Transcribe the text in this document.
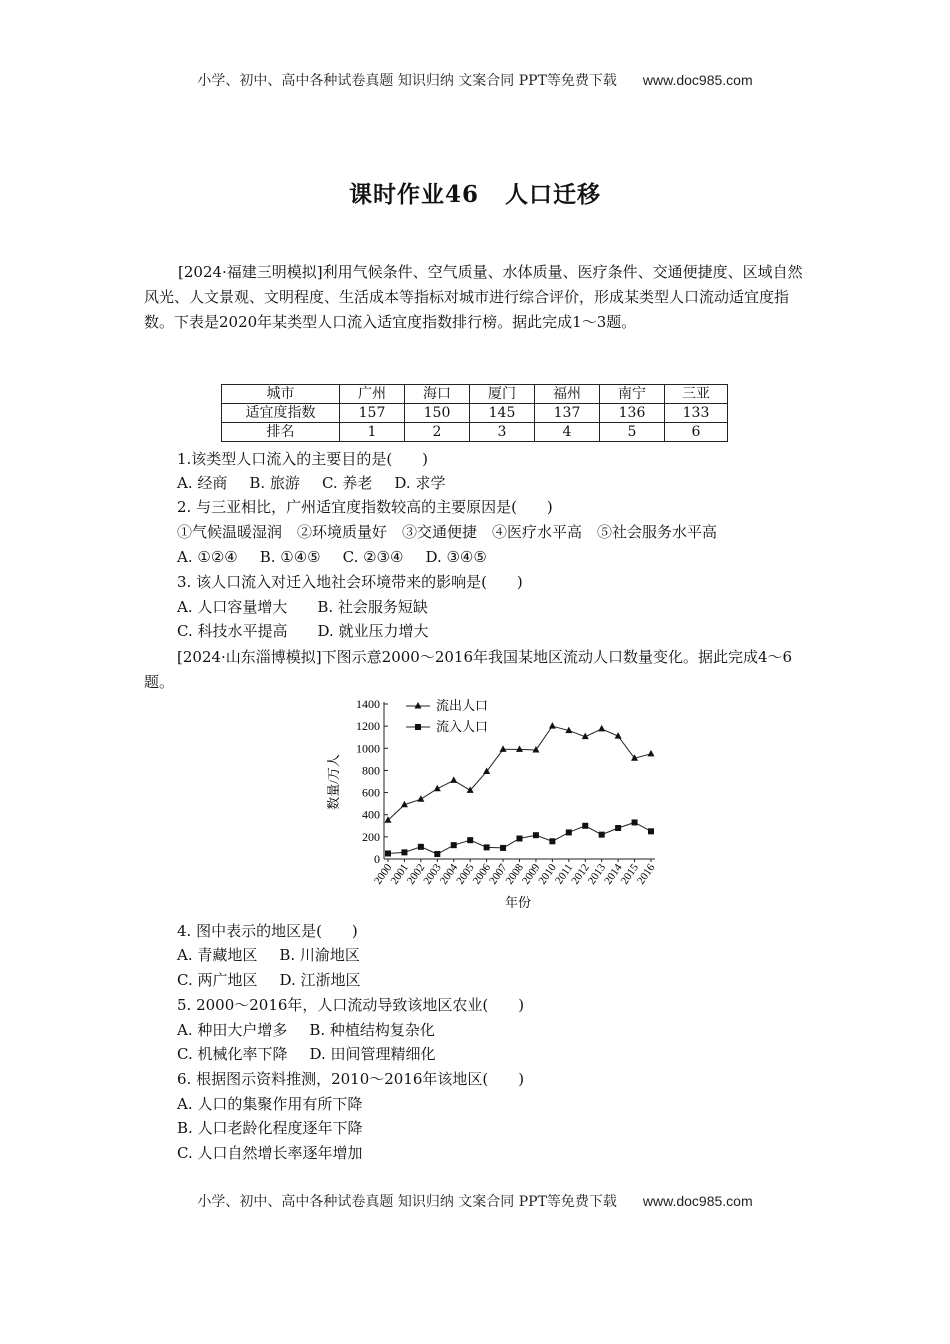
小学、初中、高中各种试卷真题 知识归纳 文案合同 PPT等免费下载 www.doc985.com
课时作业46 人口迁移
[2024·福建三明模拟]利用气候条件、空气质量、水体质量、医疗条件、交通便捷度、区域自然风光、人文景观、文明程度、生活成本等指标对城市进行综合评价，形成某类型人口流动适宜度指数。下表是2020年某类型人口流入适宜度指数排行榜。据此完成1～3题。
城市	广州	海口	厦门	福州	南宁	三亚
适宜度指数	157	150	145	137	136	133
排名	1	2	3	4	5	6
1.该类型人口流入的主要目的是(　　)
A. 经商 B. 旅游 C. 养老 D. 求学
2. 与三亚相比，广州适宜度指数较高的主要原因是(　　)
①气候温暖湿润　②环境质量好　③交通便捷　④医疗水平高　⑤社会服务水平高
A. ①②④ B. ①④⑤ C. ②③④ D. ③④⑤
3. 该人口流入对迁入地社会环境带来的影响是(　　)
A. 人口容量增大 B. 社会服务短缺
C. 科技水平提高 D. 就业压力增大
[2024·山东淄博模拟]下图示意2000～2016年我国某地区流动人口数量变化。据此完成4～6题。
0
200
400
600
800
1000
1200
1400
2000
2001
2002
2003
2004
2005
2006
2007
2008
2009
2010
2011
2012
2013
2014
2015
2016
年份
数量/万人
流出人口
流入人口
4. 图中表示的地区是(　　)
A. 青藏地区 B. 川渝地区
C. 两广地区 D. 江浙地区
5. 2000～2016年，人口流动导致该地区农业(　　)
A. 种田大户增多 B. 种植结构复杂化
C. 机械化率下降 D. 田间管理精细化
6. 根据图示资料推测，2010～2016年该地区(　　)
A. 人口的集聚作用有所下降
B. 人口老龄化程度逐年下降
C. 人口自然增长率逐年增加
小学、初中、高中各种试卷真题 知识归纳 文案合同 PPT等免费下载 www.doc985.com
